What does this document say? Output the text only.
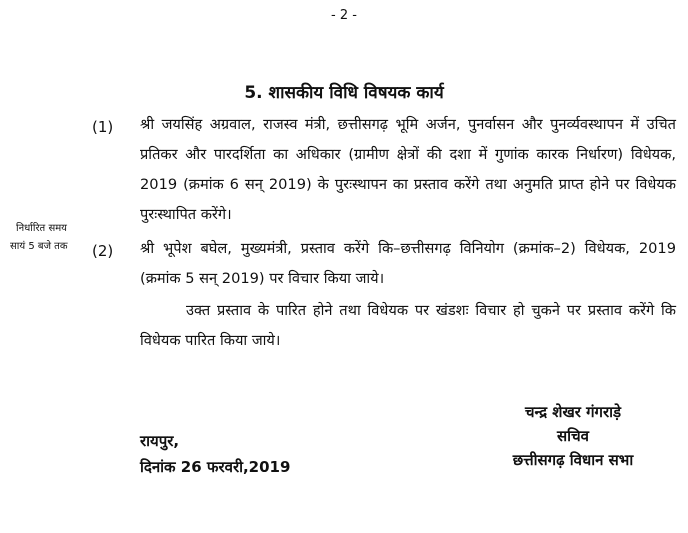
- 2 -
5. शासकीय विधि विषयक कार्य
(1) श्री जयसिंह अग्रवाल, राजस्व मंत्री, छत्तीसगढ़ भूमि अर्जन, पुनर्वासन और पुनर्व्यवस्थापन में उचित प्रतिकर और पारदर्शिता का अधिकार (ग्रामीण क्षेत्रों की दशा में गुणांक कारक निर्धारण) विधेयक, 2019 (क्रमांक 6 सन् 2019) के पुरःस्थापन का प्रस्ताव करेंगे तथा अनुमति प्राप्त होने पर विधेयक पुरःस्थापित करेंगे।
निर्धारित समय
सायं 5 बजे तक	(2) श्री भूपेश बघेल, मुख्यमंत्री, प्रस्ताव करेंगे कि–छत्तीसगढ़ विनियोग (क्रमांक–2) विधेयक, 2019 (क्रमांक 5 सन् 2019) पर विचार किया जाये।
उक्त प्रस्ताव के पारित होने तथा विधेयक पर खंडशः विचार हो चुकने पर प्रस्ताव करेंगे कि विधेयक पारित किया जाये।
चन्द्र शेखर गंगराड़े
सचिव
छत्तीसगढ़ विधान सभा
रायपुर,
दिनांक 26 फरवरी,2019
